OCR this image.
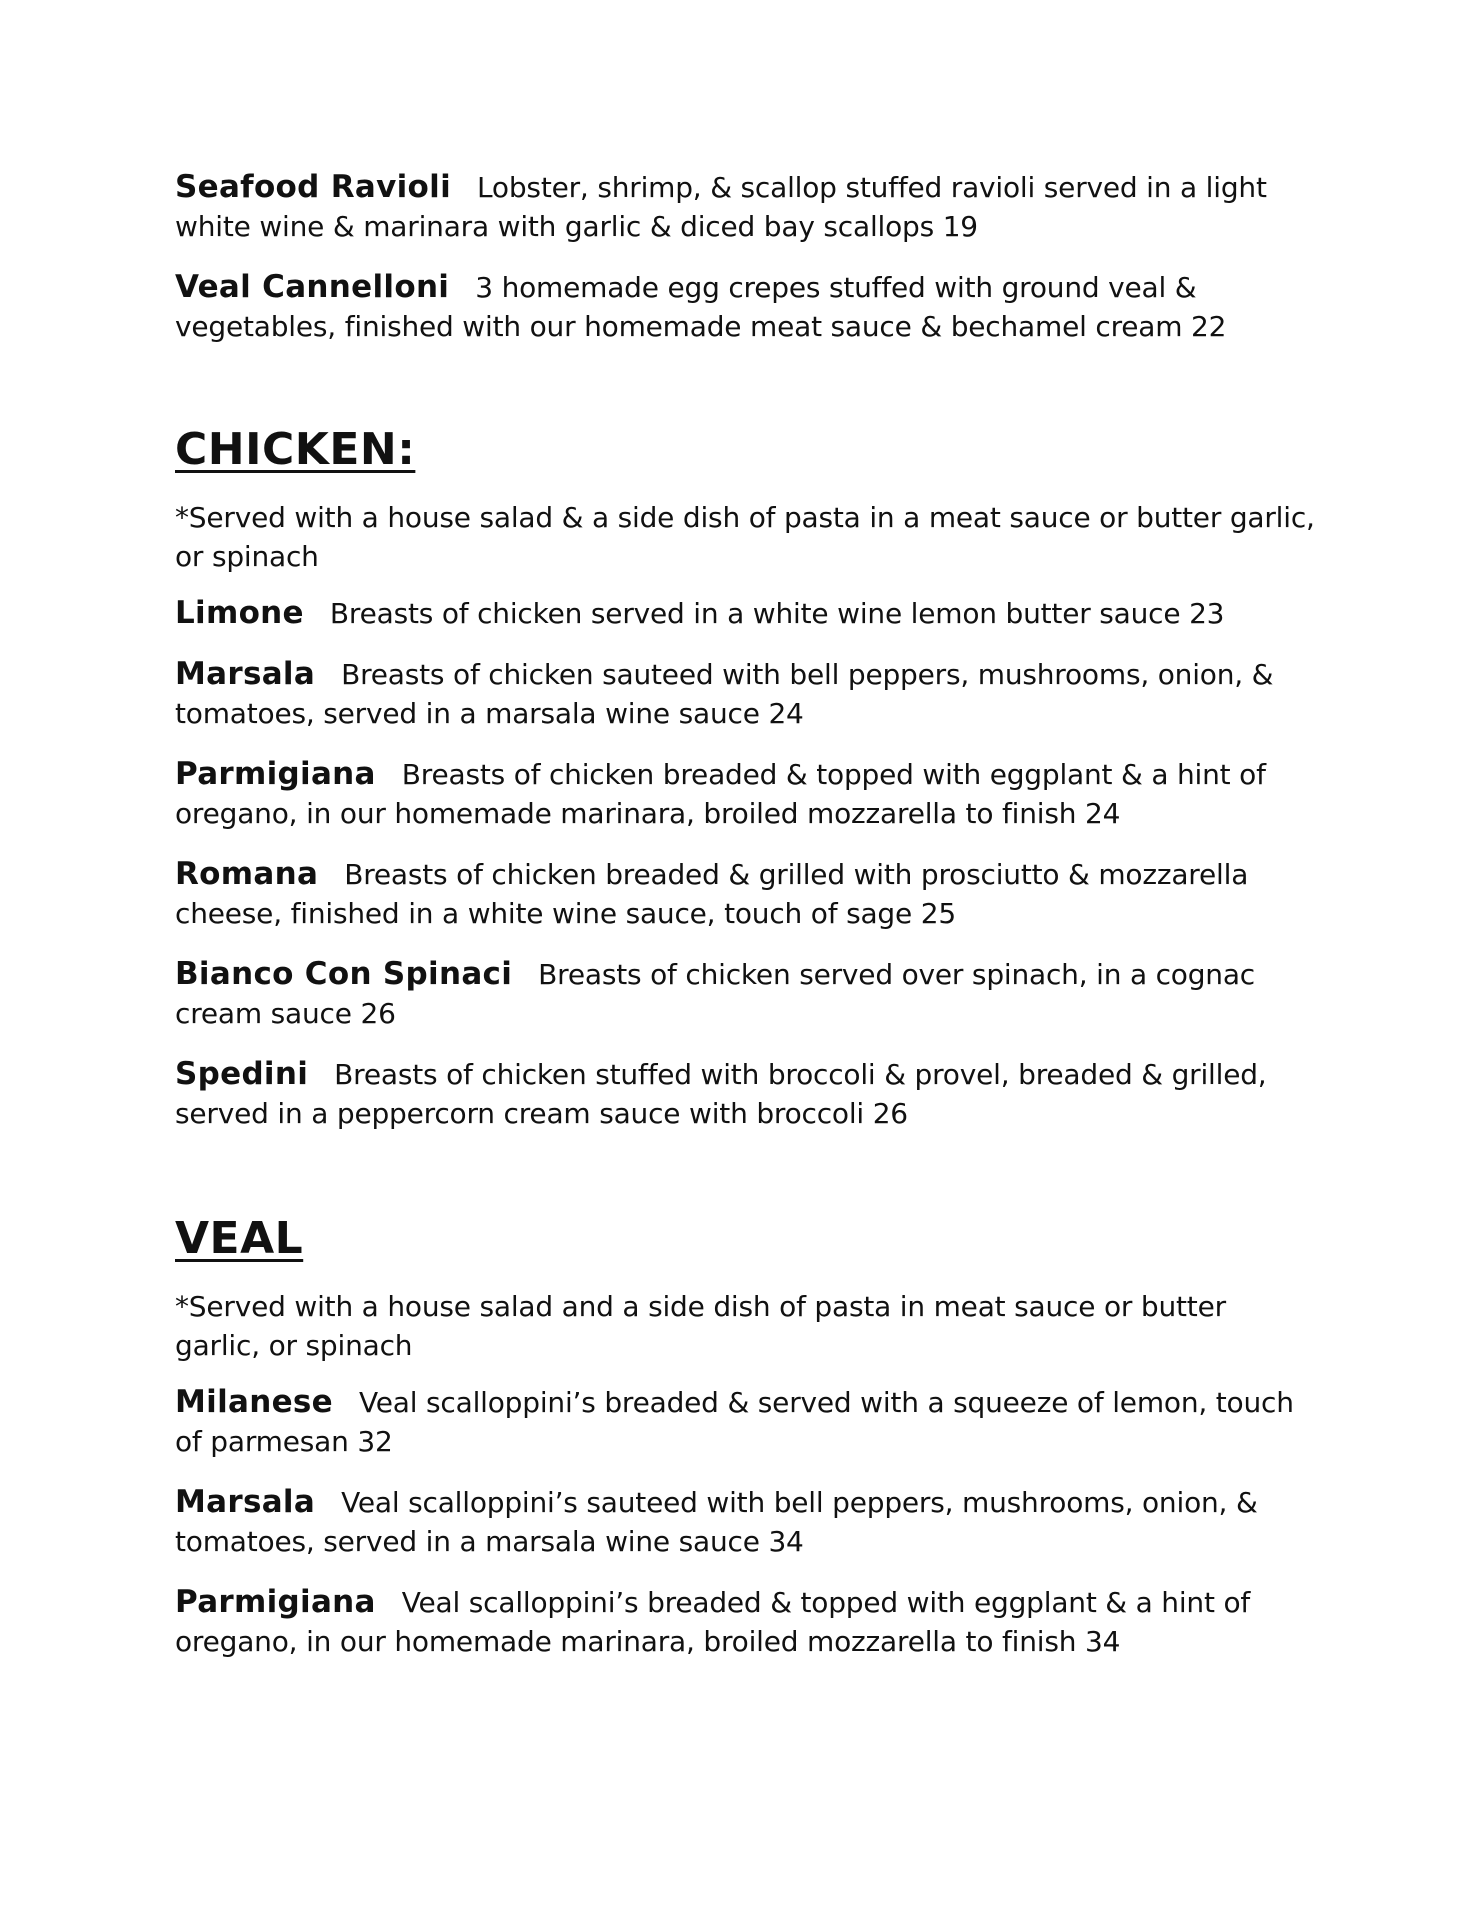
Seafood Ravioli Lobster, shrimp, & scallop stuffed ravioli served in a light white wine & marinara with garlic & diced bay scallops 19
Veal Cannelloni 3 homemade egg crepes stuffed with ground veal & vegetables, finished with our homemade meat sauce & bechamel cream 22
CHICKEN:
*Served with a house salad & a side dish of pasta in a meat sauce or butter garlic, or spinach
Limone Breasts of chicken served in a white wine lemon butter sauce 23
Marsala Breasts of chicken sauteed with bell peppers, mushrooms, onion, & tomatoes, served in a marsala wine sauce 24
Parmigiana Breasts of chicken breaded & topped with eggplant & a hint of oregano, in our homemade marinara, broiled mozzarella to finish 24
Romana Breasts of chicken breaded & grilled with prosciutto & mozzarella cheese, finished in a white wine sauce, touch of sage 25
Bianco Con Spinaci Breasts of chicken served over spinach, in a cognac cream sauce 26
Spedini Breasts of chicken stuffed with broccoli & provel, breaded & grilled, served in a peppercorn cream sauce with broccoli 26
VEAL
*Served with a house salad and a side dish of pasta in meat sauce or butter garlic, or spinach
Milanese Veal scalloppini’s breaded & served with a squeeze of lemon, touch of parmesan 32
Marsala Veal scalloppini’s sauteed with bell peppers, mushrooms, onion, & tomatoes, served in a marsala wine sauce 34
Parmigiana Veal scalloppini’s breaded & topped with eggplant & a hint of oregano, in our homemade marinara, broiled mozzarella to finish 34
